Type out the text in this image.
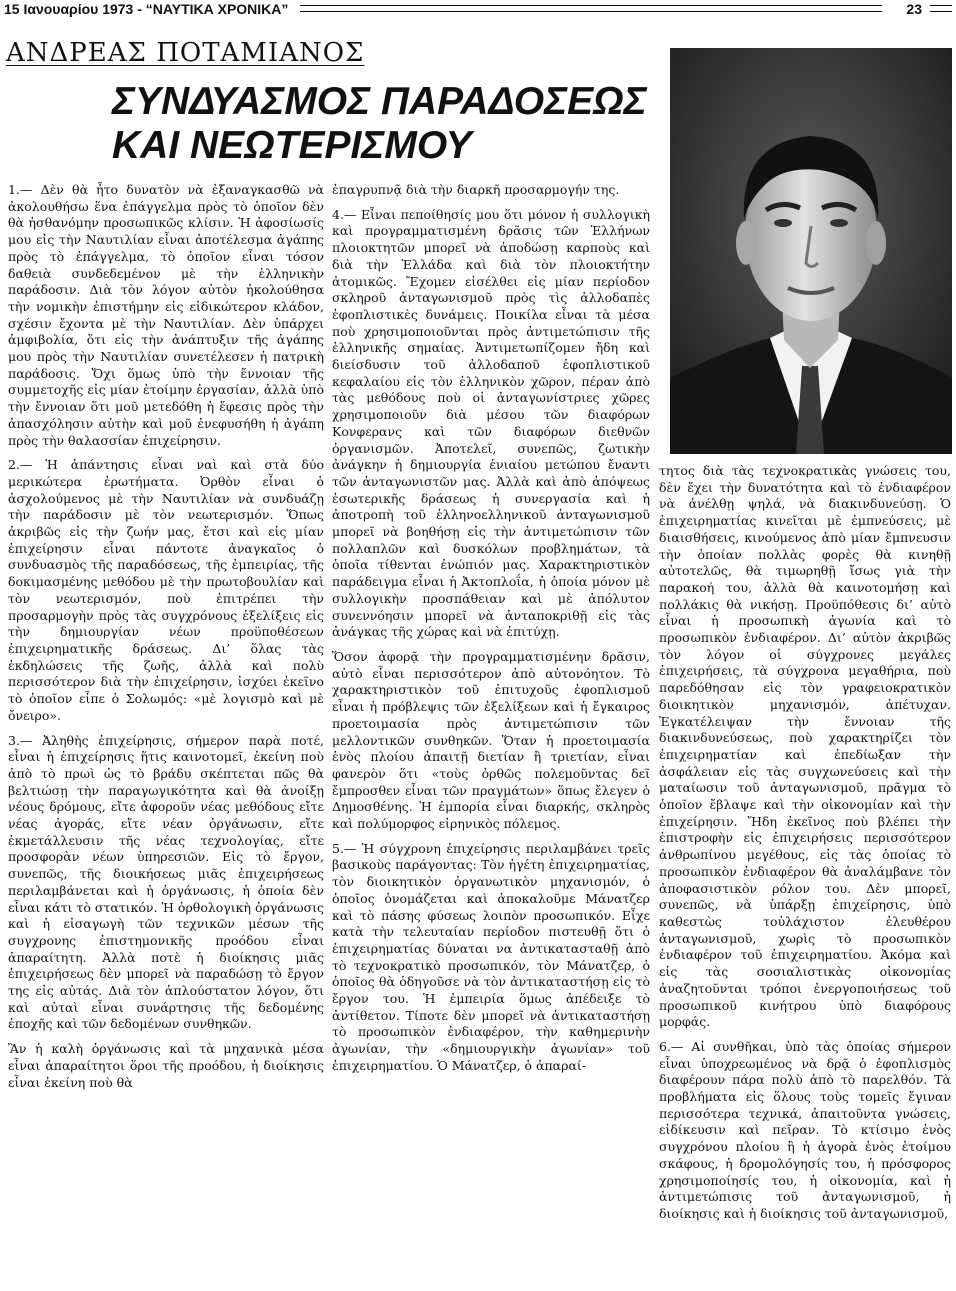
15 Ιανουαρίου 1973 - “ΝΑΥΤΙΚΑ ΧΡΟΝΙΚΑ”	23
ΑΝΔΡΕΑΣ ΠΟΤΑΜΙΑΝΟΣ
ΣΥΝΔΥΑΣΜΟΣ ΠΑΡΑΔΟΣΕΩΣ
ΚΑΙ ΝΕΩΤΕΡΙΣΜΟΥ

1.— Δὲν θὰ ἦτο δυνατὸν νὰ ἐξαναγκασθῶ νὰ ἀκολουθήσω ἕνα ἐπάγγελμα πρὸς τὸ ὁποῖον δὲν θὰ ἠσθανόμην προσωπικῶς κλίσιν. Ἡ ἀφοσίωσίς μου εἰς τὴν Ναυτιλίαν εἶναι ἀποτέλεσμα ἀγάπης πρὸς τὸ ἐπάγγελμα, τὸ ὁποῖον εἶναι τόσον δαθειὰ συνδεδεμένον μὲ τὴν ἑλληνικὴν παράδοσιν. Διὰ τὸν λόγον αὐτὸν ἠκολούθησα τὴν νομικὴν ἐπιστήμην εἰς εἰδικώτερον κλάδον, σχέσιν ἔχοντα μὲ τὴν Ναυτιλίαν. Δὲν ὑπάρχει ἀμφιβολία, ὅτι εἰς τὴν ἀνάπτυξιν τῆς ἀγάπης μου πρὸς τὴν Ναυτιλίαν συνετέλεσεν ἡ πατρικὴ παράδοσις. Ὄχι ὅμως ὑπὸ τὴν ἔννοιαν τῆς συμμετοχῆς εἰς μίαν ἑτοίμην ἐργασίαν, ἀλλὰ ὑπὸ τὴν ἔννοιαν ὅτι μοῦ μετεδόθη ἡ ἔφεσις πρὸς τὴν ἀπασχόλησιν αὐτὴν καὶ μοῦ ἐνεφυσήθη ἡ ἀγάπη πρὸς τὴν θαλασσίαν ἐπιχείρησιν.

2.— Ἡ ἀπάντησις εἶναι ναὶ καὶ στὰ δύο μερικώτερα ἐρωτήματα. Ὀρθὸν εἶναι ὁ ἀσχολούμενος μὲ τὴν Ναυτιλίαν νὰ συνδυάζῃ τὴν παράδοσιν μὲ τὸν νεωτερισμόν. Ὅπως ἀκριβῶς εἰς τὴν ζωήν μας, ἔτσι καὶ εἰς μίαν ἐπιχείρησιν εἶναι πάντοτε ἀναγκαῖος ὁ συνδυασμὸς τῆς παραδόσεως, τῆς ἐμπειρίας, τῆς δοκιμασμένης μεθόδου μὲ τὴν πρωτοβουλίαν καὶ τὸν νεωτερισμόν, ποὺ ἐπιτρέπει τὴν προσαρμογὴν πρὸς τὰς συγχρόνους ἐξελίξεις εἰς τὴν δημιουργίαν νέων προϋποθέσεων ἐπιχειρηματικῆς δράσεως. Δι’ ὅλας τὰς ἐκδηλώσεις τῆς ζωῆς, ἀλλὰ καὶ πολὺ περισσότερον διὰ τὴν ἐπιχείρησιν, ἰσχύει ἐκεῖνο τὸ ὁποῖον εἶπε ὁ Σολωμός: «μὲ λογισμὸ καὶ μὲ ὄνειρο».

3.— Ἀληθὴς ἐπιχείρησις, σήμερον παρὰ ποτέ, εἶναι ἡ ἐπιχείρησις ἥτις καινοτομεῖ, ἐκείνη ποὺ ἀπὸ τὸ πρωὶ ὡς τὸ βράδυ σκέπτεται πῶς θὰ βελτιώσῃ τὴν παραγωγικότητα καὶ θὰ ἀνοίξῃ νέους δρόμους, εἴτε ἀφοροῦν νέας μεθόδους εἴτε νέας ἀγοράς, εἴτε νέαν ὀργάνωσιν, εἴτε ἐκμετάλλευσιν τῆς νέας τεχνολογίας, εἴτε προσφορὰν νέων ὑπηρεσιῶν. Εἰς τὸ ἔργον, συνεπῶς, τῆς διοικήσεως μιᾶς ἐπιχειρήσεως περιλαμβάνεται καὶ ἡ ὀργάνωσις, ἡ ὁποία δὲν εἶναι κάτι τὸ στατικόν. Ἡ ὀρθολογικὴ ὀργάνωσις καὶ ἡ εἰσαγωγὴ τῶν τεχνικῶν μέσων τῆς συγχρονης ἐπιστημονικῆς προόδου εἶναι ἀπαραίτητη. Ἀλλὰ ποτὲ ἡ διοίκησις μιᾶς ἐπιχειρήσεως δὲν μπορεῖ νὰ παραδώσῃ τὸ ἔργον της εἰς αὐτάς. Διὰ τὸν ἁπλούστατον λόγον, ὅτι καὶ αὐταὶ εἶναι συνάρτησις τῆς δεδομένης ἐποχῆς καὶ τῶν δεδομένων συνθηκῶν.

Ἂν ἡ καλὴ ὀργάνωσις καὶ τὰ μηχανικὰ μέσα εἶναι ἀπαραίτητοι ὅροι τῆς προόδου, ἡ διοίκησις εἶναι ἐκείνη ποὺ θὰ

ἐπαγρυπνᾷ διὰ τὴν διαρκῆ προσαρμογήν της.

4.— Εἶναι πεποίθησίς μου ὅτι μόνον ἡ συλλογικὴ καὶ προγραμματισμένη δρᾶσις τῶν Ἑλλήνων πλοιοκτητῶν μπορεῖ νὰ ἀποδώσῃ καρποὺς καὶ διὰ τὴν Ἑλλάδα καὶ διὰ τὸν πλοιοκτήτην ἀτομικῶς. Ἔχομεν εἰσέλθει εἰς μίαν περίοδον σκληροῦ ἀνταγωνισμοῦ πρὸς τὶς ἀλλοδαπὲς ἐφοπλιστικὲς δυνάμεις. Ποικίλα εἶναι τὰ μέσα ποὺ χρησιμοποιοῦνται πρὸς ἀντιμετώπισιν τῆς ἑλληνικῆς σημαίας. Ἀντιμετωπίζομεν ἤδη καὶ διείσδυσιν τοῦ ἀλλοδαποῦ ἐφοπλιστικοῦ κεφαλαίου εἰς τὸν ἑλληνικὸν χῶρον, πέραν ἀπὸ τὰς μεθόδους ποὺ οἱ ἀνταγωνίστριες χῶρες χρησιμοποιοῦν διὰ μέσου τῶν διαφόρων Κονφερανς καὶ τῶν διαφόρων διεθνῶν ὀργανισμῶν. Ἀποτελεῖ, συνεπῶς, ζωτικὴν ἀνάγκην ἡ δημιουργία ἑνιαίου μετώπου ἔναντι τῶν ἀνταγωνιστῶν μας. Ἀλλὰ καὶ ἀπὸ ἀπόψεως ἐσωτερικῆς δράσεως ἡ συνεργασία καὶ ἡ ἀποτροπὴ τοῦ ἑλληνοελληνικοῦ ἀνταγωνισμοῦ μπορεῖ νὰ βοηθήσῃ εἰς τὴν ἀντιμετώπισιν τῶν πολλαπλῶν καὶ δυσκόλων προβλημάτων, τὰ ὁποῖα τίθενται ἐνώπιόν μας. Χαρακτηριστικὸν παράδειγμα εἶναι ἡ Ἀκτοπλοΐα, ἡ ὁποία μόνον μὲ συλλογικὴν προσπάθειαν καὶ μὲ ἀπόλυτον συνεννόησιν μπορεῖ νὰ ἀνταποκριθῇ εἰς τὰς ἀνάγκας τῆς χώρας καὶ νὰ ἐπιτύχῃ.

Ὅσον ἀφορᾷ τὴν προγραμματισμένην δρᾶσιν, αὐτὸ εἶναι περισσότερον ἀπὸ αὐτονόητον. Τὸ χαρακτηριστικὸν τοῦ ἐπιτυχοῦς ἐφοπλισμοῦ εἶναι ἡ πρόβλεψις τῶν ἐξελίξεων καὶ ἡ ἔγκαιρος προετοιμασία πρὸς ἀντιμετώπισιν τῶν μελλοντικῶν συνθηκῶν. Ὅταν ἡ προετοιμασία ἑνὸς πλοίου ἀπαιτῇ διετίαν ἢ τριετίαν, εἶναι φανερὸν ὅτι «τοὺς ὀρθῶς πολεμοῦντας δεῖ ἔμπροσθεν εἶναι τῶν πραγμάτων» ὅπως ἔλεγεν ὁ Δημοσθένης. Ἡ ἐμπορία εἶναι διαρκής, σκληρὸς καὶ πολύμορφος εἰρηνικὸς πόλεμος.

5.— Ἡ σύγχρονη ἐπιχείρησις περιλαμβάνει τρεῖς βασικοὺς παράγοντας: Τὸν ἡγέτη ἐπιχειρηματίας, τὸν διοικητικὸν ὀργανωτικὸν μηχανισμόν, ὁ ὁποῖος ὀνομάζεται καὶ ἀποκαλοῦμε Μάνατζερ καὶ τὸ πάσης φύσεως λοιπὸν προσωπικόν. Εἶχε κατὰ τὴν τελευταίαν περίοδον πιστευθῇ ὅτι ὁ ἐπιχειρηματίας δύναται να ἀντικατασταθῇ ἀπὸ τὸ τεχνοκρατικὸ προσωπικόν, τὸν Μάνατζερ, ὁ ὁποῖος θὰ ὁδηγοῦσε νὰ τὸν ἀντικαταστήσῃ εἰς τὸ ἔργον του. Ἡ ἐμπειρία ὅμως ἀπέδειξε τὸ ἀντίθετον. Τίποτε δὲν μπορεῖ νὰ ἀντικαταστήσῃ τὸ προσωπικὸν ἐνδιαφέρον, τὴν καθημερινὴν ἀγωνίαν, τὴν «δημιουργικὴν ἀγωνίαν» τοῦ ἐπιχειρηματίου. Ὁ Μάνατζερ, ὁ ἀπαραί-

τητος διὰ τὰς τεχνοκρατικὰς γνώσεις του, δὲν ἔχει τὴν δυνατότητα καὶ τὸ ἐνδιαφέρον νὰ ἀνέλθῃ ψηλά, νὰ διακινδυνεύσῃ. Ὁ ἐπιχειρηματίας κινεῖται μὲ ἐμπνεύσεις, μὲ διαισθήσεις, κινούμενος ἀπὸ μίαν ἔμπνευσιν τὴν ὁποίαν πολλὰς φορὲς θὰ κινηθῇ αὐτοτελῶς, θὰ τιμωρηθῇ ἴσως γιὰ τὴν παρακοή του, ἀλλὰ θὰ καινοτομήσῃ καὶ πολλάκις θὰ νικήσῃ. Προϋπόθεσις δι’ αὐτὸ εἶναι ἡ προσωπικὴ ἀγωνία καὶ τὸ προσωπικὸν ἐνδιαφέρον. Δι’ αὐτὸν ἀκριβῶς τὸν λόγον οἱ σύγχρονες μεγάλες ἐπιχειρήσεις, τὰ σύγχρονα μεγαθήρια, ποὺ παρεδόθησαν εἰς τὸν γραφειοκρατικὸν διοικητικὸν μηχανισμόν, ἀπέτυχαν. Ἐγκατέλειψαν τὴν ἔννοιαν τῆς διακινδυνεύσεως, ποὺ χαρακτηρίζει τὸν ἐπιχειρηματίαν καὶ ἐπεδίωξαν τὴν ἀσφάλειαν εἰς τὰς συγχωνεύσεις καὶ τὴν ματαίωσιν τοῦ ἀνταγωνισμοῦ, πρᾶγμα τὸ ὁποῖον ἔβλαψε καὶ τὴν οἰκονομίαν καὶ τὴν ἐπιχείρησιν. Ἤδη ἐκεῖνος ποὺ βλέπει τὴν ἐπιστροφὴν εἰς ἐπιχειρήσεις περισσότερον ἀνθρωπίνου μεγέθους, εἰς τὰς ὁποίας τὸ προσωπικὸν ἐνδιαφέρον θὰ ἀναλάμβανε τὸν ἀποφασιστικὸν ρόλον του. Δὲν μπορεῖ, συνεπῶς, νὰ ὑπάρξῃ ἐπιχείρησις, ὑπὸ καθεστὼς τοὐλάχιστον ἐλευθέρου ἀνταγωνισμοῦ, χωρὶς τὸ προσωπικὸν ἐνδιαφέρον τοῦ ἐπιχειρηματίου. Ἀκόμα καὶ εἰς τὰς σοσιαλιστικὰς οἰκονομίας ἀναζητοῦνται τρόποι ἐνεργοποιήσεως τοῦ προσωπικοῦ κινήτρου ὑπὸ διαφόρους μορφάς.

6.— Αἱ συνθῆκαι, ὑπὸ τὰς ὁποίας σήμερον εἶναι ὑποχρεωμένος νὰ δρᾷ ὁ ἐφοπλισμὸς διαφέρουν πάρα πολὺ ἀπὸ τὸ παρελθόν. Τὰ προβλήματα εἰς ὅλους τοὺς τομεῖς ἔγιναν περισσότερα τεχνικά, ἀπαιτοῦντα γνώσεις, εἰδίκευσιν καὶ πεῖραν. Τὸ κτίσιμο ἑνὸς συγχρόνου πλοίου ἢ ἡ ἀγορὰ ἑνὸς ἑτοίμου σκάφους, ἡ δρομολόγησίς του, ἡ πρόσφορος χρησιμοποίησίς του, ἡ οἰκονομία, καὶ ἡ ἀντιμετώπισις τοῦ ἀνταγωνισμοῦ, ἡ διοίκησις καὶ ἡ διοίκησις τοῦ ἀνταγωνισμοῦ,
